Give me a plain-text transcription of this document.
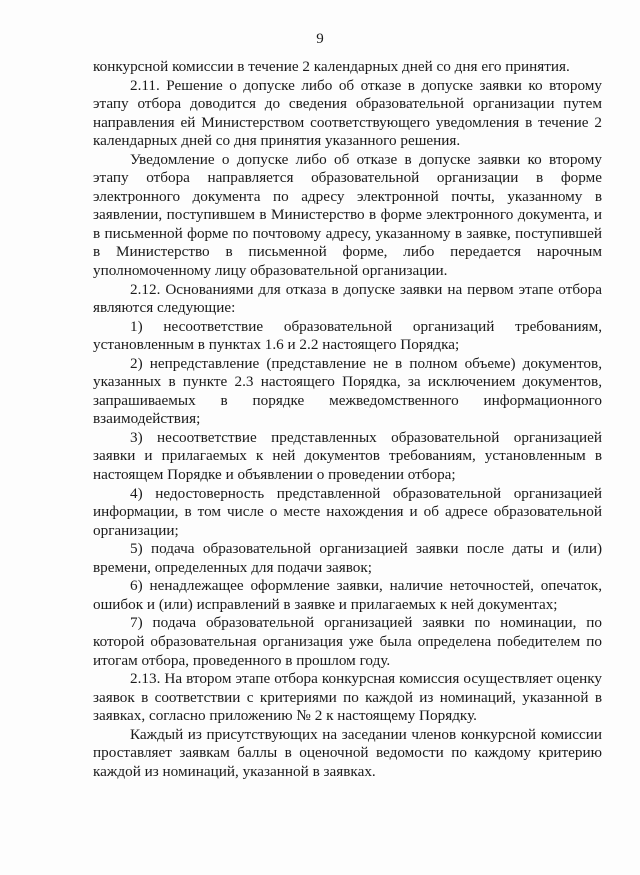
9

конкурсной комиссии в течение 2 календарных дней со дня его принятия.

2.11. Решение о допуске либо об отказе в допуске заявки ко второму этапу отбора доводится до сведения образовательной организации путем направления ей Министерством соответствующего уведомления в течение 2 календарных дней со дня принятия указанного решения.

Уведомление о допуске либо об отказе в допуске заявки ко второму этапу отбора направляется образовательной организации в форме электронного документа по адресу электронной почты, указанному в заявлении, поступившем в Министерство в форме электронного документа, и в письменной форме по почтовому адресу, указанному в заявке, поступившей в Министерство в письменной форме, либо передается нарочным уполномоченному лицу образовательной организации.

2.12. Основаниями для отказа в допуске заявки на первом этапе отбора являются следующие:

1) несоответствие образовательной организаций требованиям, установленным в пунктах 1.6 и 2.2 настоящего Порядка;

2) непредставление (представление не в полном объеме) документов, указанных в пункте 2.3 настоящего Порядка, за исключением документов, запрашиваемых в порядке межведомственного информационного взаимодействия;

3) несоответствие представленных образовательной организацией заявки и прилагаемых к ней документов требованиям, установленным в настоящем Порядке и объявлении о проведении отбора;

4) недостоверность представленной образовательной организацией информации, в том числе о месте нахождения и об адресе образовательной организации;

5) подача образовательной организацией заявки после даты и (или) времени, определенных для подачи заявок;

6) ненадлежащее оформление заявки, наличие неточностей, опечаток, ошибок и (или) исправлений в заявке и прилагаемых к ней документах;

7) подача образовательной организацией заявки по номинации, по которой образовательная организация уже была определена победителем по итогам отбора, проведенного в прошлом году.

2.13. На втором этапе отбора конкурсная комиссия осуществляет оценку заявок в соответствии с критериями по каждой из номинаций, указанной в заявках, согласно приложению № 2 к настоящему Порядку.

Каждый из присутствующих на заседании членов конкурсной комиссии проставляет заявкам баллы в оценочной ведомости по каждому критерию каждой из номинаций, указанной в заявках.
